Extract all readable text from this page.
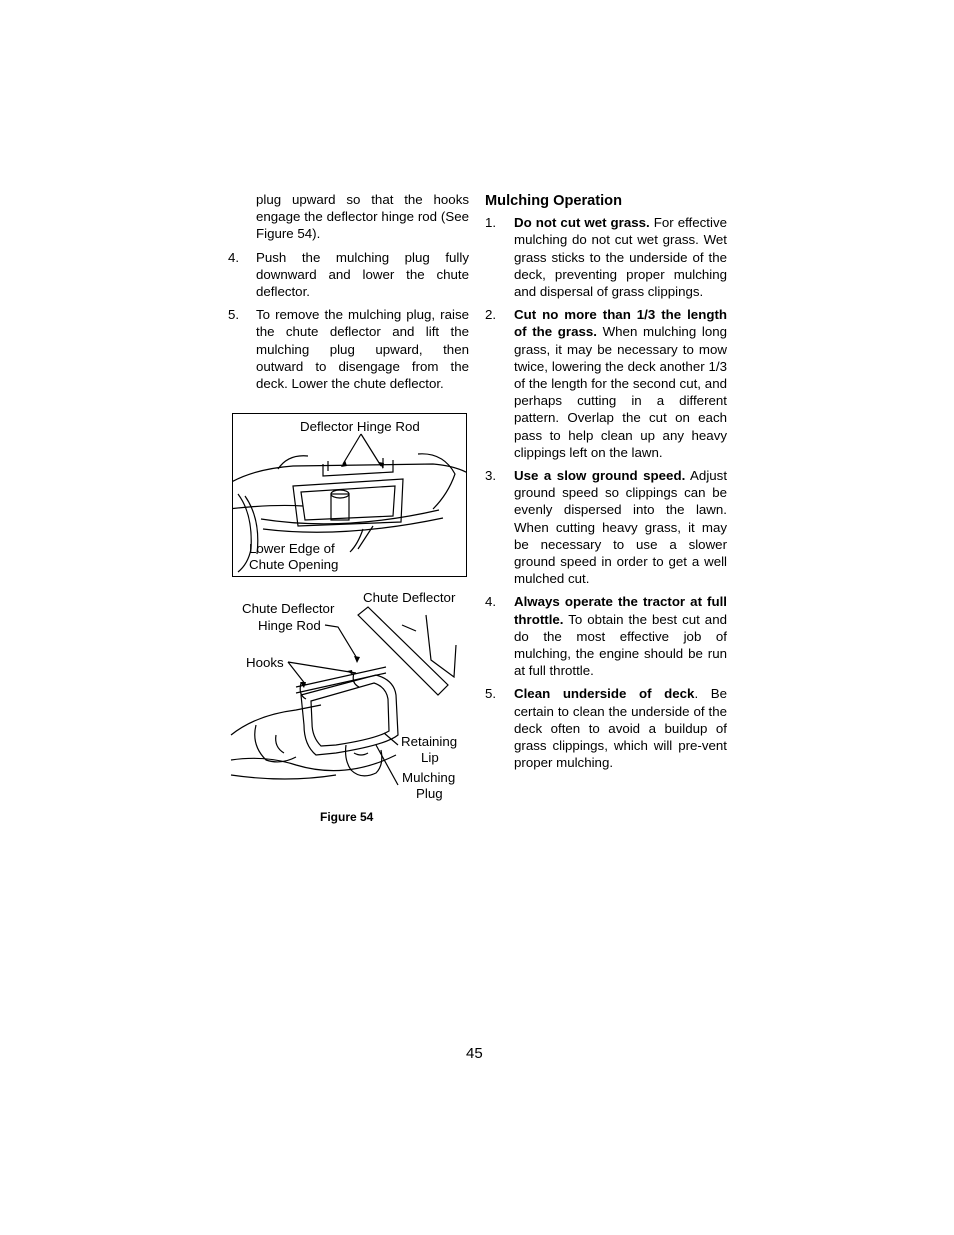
plug upward so that the hooks engage the deflector hinge rod (See Figure 54).
4. Push the mulching plug fully downward and lower the chute deflector.
5. To remove the mulching plug, raise the chute deflector and lift the mulching plug upward, then outward to disengage from the deck. Lower the chute deflector.
Deflector Hinge Rod
Lower Edge of
Chute Opening
Chute Deflector
Chute Deflector
Hinge Rod
Hooks
Retaining
Lip
Mulching
Plug
Figure 54
Mulching Operation
1. Do not cut wet grass. For effective mulching do not cut wet grass. Wet grass sticks to the underside of the deck, preventing proper mulching and dispersal of grass clippings.
2. Cut no more than 1/3 the length of the grass. When mulching long grass, it may be necessary to mow twice, lowering the deck another 1/3 of the length for the second cut, and perhaps cutting in a different pattern. Overlap the cut on each pass to help clean up any heavy clippings left on the lawn.
3. Use a slow ground speed. Adjust ground speed so clippings can be evenly dispersed into the lawn. When cutting heavy grass, it may be necessary to use a slower ground speed in order to get a well mulched cut.
4. Always operate the tractor at full throttle. To obtain the best cut and do the most effective job of mulching, the engine should be run at full throttle.
5. Clean underside of deck. Be certain to clean the underside of the deck often to avoid a buildup of grass clippings, which will pre-vent proper mulching.
45
